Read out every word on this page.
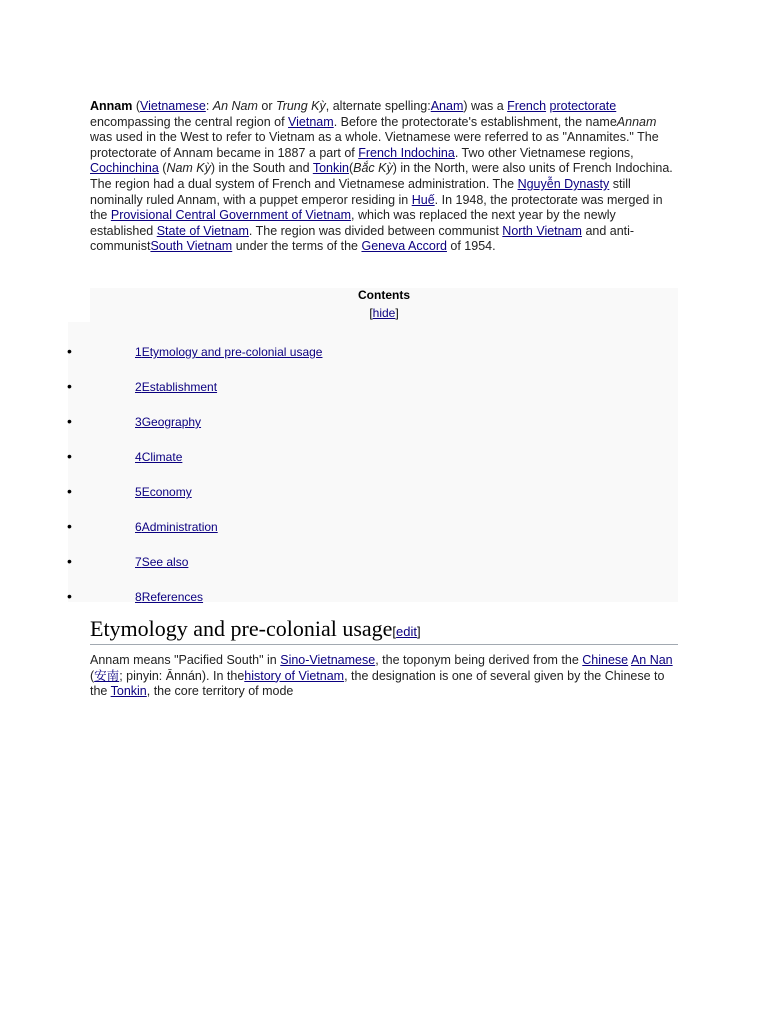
Annam (Vietnamese: An Nam or Trung Kỳ, alternate spelling:Anam) was a French protectorate encompassing the central region of Vietnam. Before the protectorate's establishment, the nameAnnam was used in the West to refer to Vietnam as a whole. Vietnamese were referred to as "Annamites." The protectorate of Annam became in 1887 a part of French Indochina. Two other Vietnamese regions, Cochinchina (Nam Kỳ) in the South and Tonkin(Bắc Kỳ) in the North, were also units of French Indochina. The region had a dual system of French and Vietnamese administration. The Nguyễn Dynasty still nominally ruled Annam, with a puppet emperor residing in Huế. In 1948, the protectorate was merged in the Provisional Central Government of Vietnam, which was replaced the next year by the newly established State of Vietnam. The region was divided between communist North Vietnam and anti-communistSouth Vietnam under the terms of the Geneva Accord of 1954.
Contents
[hide]
•	1Etymology and pre-colonial usage
•	2Establishment
•	3Geography
•	4Climate
•	5Economy
•	6Administration
•	7See also
•	8References
Etymology and pre-colonial usage[edit]
Annam means "Pacified South" in Sino-Vietnamese, the toponym being derived from the Chinese An Nan (安南; pinyin: Ānnán). In thehistory of Vietnam, the designation is one of several given by the Chinese to the Tonkin, the core territory of mode
